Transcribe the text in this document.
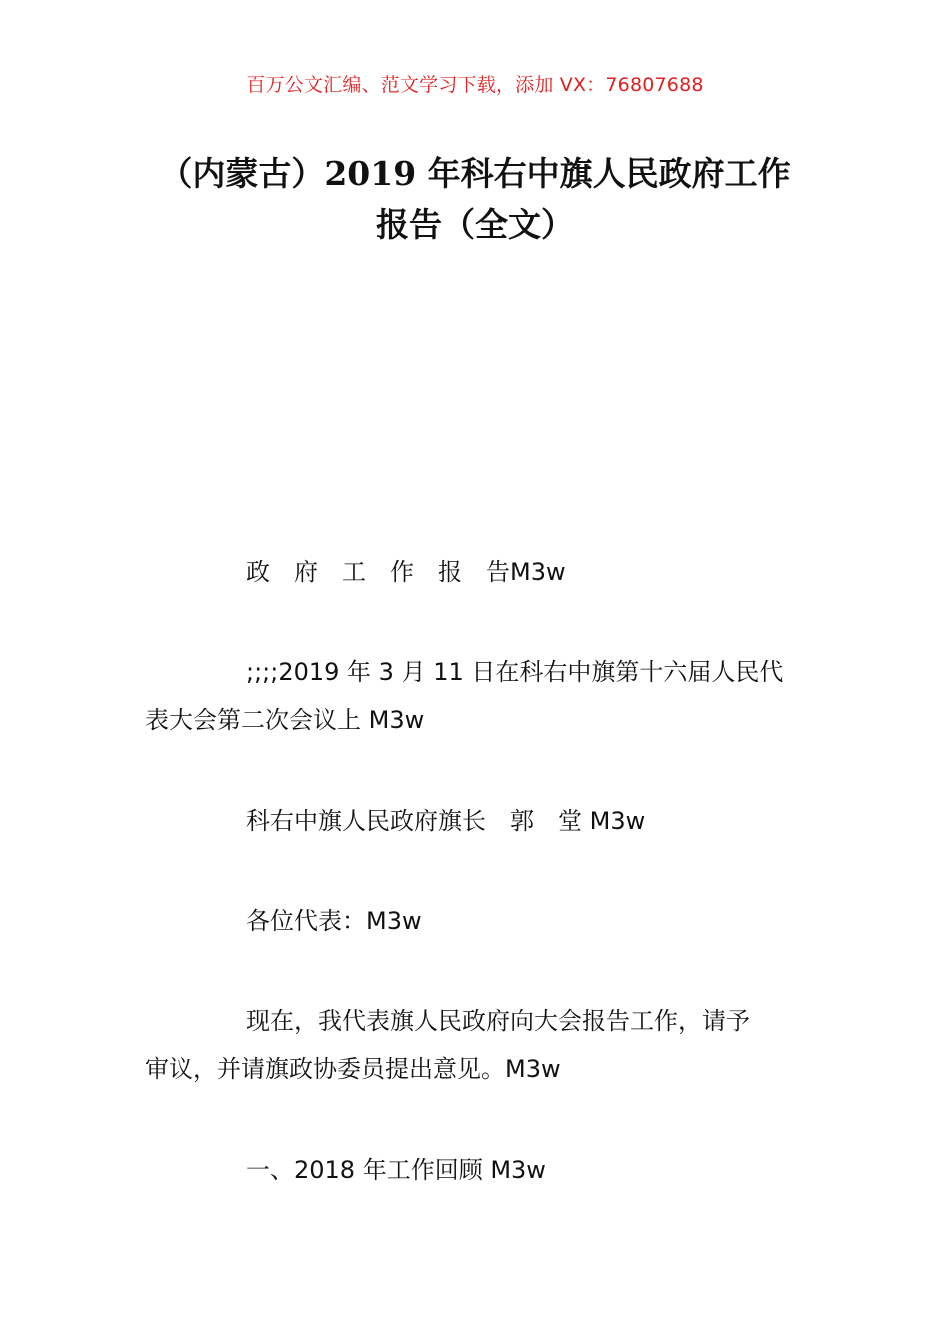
百万公文汇编、范文学习下载，添加 VX：76807688
（内蒙古）2019 年科右中旗人民政府工作
报告（全文）
政　府　工　作　报　告M3w
;;;;2019 年 3 月 11 日在科右中旗第十六届人民代
表大会第二次会议上 M3w
科右中旗人民政府旗长　郭　堂 M3w
各位代表：M3w
现在，我代表旗人民政府向大会报告工作，请予
审议，并请旗政协委员提出意见。M3w
一、2018 年工作回顾 M3w
